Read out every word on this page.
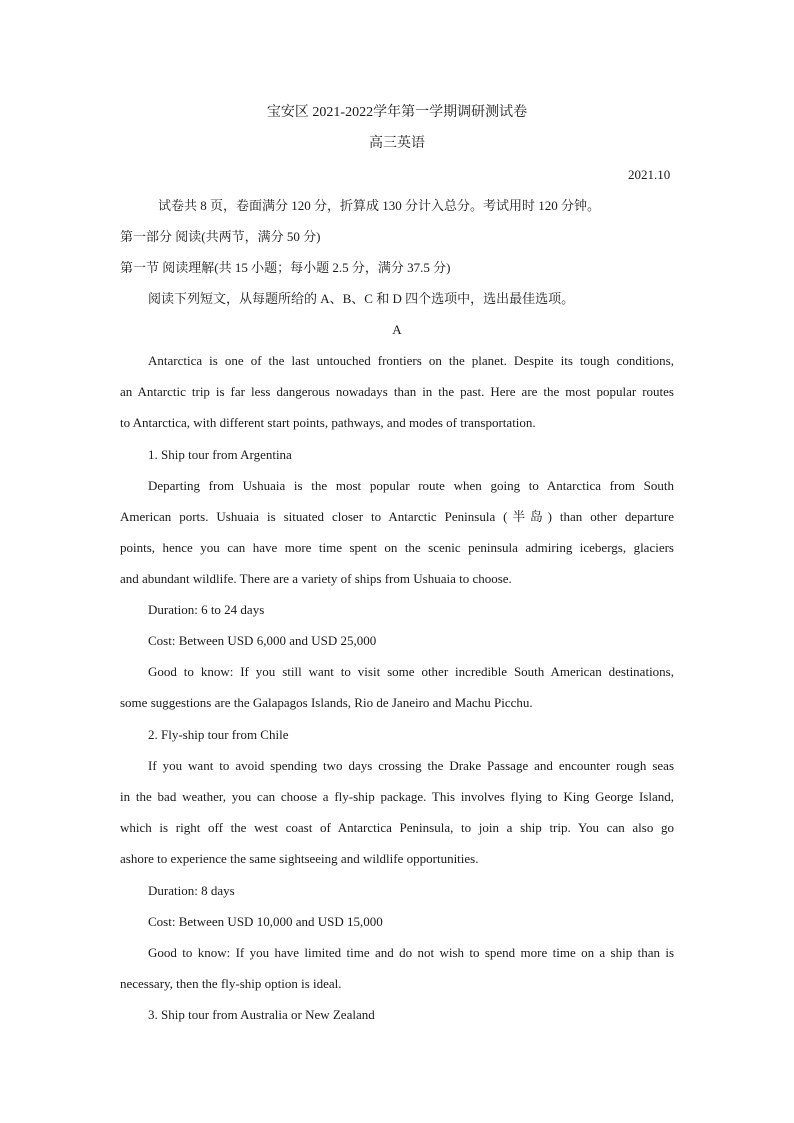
宝安区 2021-2022学年第一学期调研测试卷
高三英语
2021.10
试卷共 8 页，卷面满分 120 分，折算成 130 分计入总分。考试用时 120 分钟。
第一部分 阅读(共两节，满分 50 分)
第一节 阅读理解(共 15 小题；每小题 2.5 分，满分 37.5 分)
阅读下列短文，从每题所给的 A、B、C 和 D 四个选项中，选出最佳选项。
A
Antarctica is one of the last untouched frontiers on the planet. Despite its tough conditions,
an Antarctic trip is far less dangerous nowadays than in the past. Here are the most popular routes
to Antarctica, with different start points, pathways, and modes of transportation.
1. Ship tour from Argentina
Departing from Ushuaia is the most popular route when going to Antarctica from South
American ports. Ushuaia is situated closer to Antarctic Peninsula (半岛) than other departure
points, hence you can have more time spent on the scenic peninsula admiring icebergs, glaciers
and abundant wildlife. There are a variety of ships from Ushuaia to choose.
Duration: 6 to 24 days
Cost: Between USD 6,000 and USD 25,000
Good to know: If you still want to visit some other incredible South American destinations,
some suggestions are the Galapagos Islands, Rio de Janeiro and Machu Picchu.
2. Fly-ship tour from Chile
If you want to avoid spending two days crossing the Drake Passage and encounter rough seas
in the bad weather, you can choose a fly-ship package. This involves flying to King George Island,
which is right off the west coast of Antarctica Peninsula, to join a ship trip. You can also go
ashore to experience the same sightseeing and wildlife opportunities.
Duration: 8 days
Cost: Between USD 10,000 and USD 15,000
Good to know: If you have limited time and do not wish to spend more time on a ship than is
necessary, then the fly-ship option is ideal.
3. Ship tour from Australia or New Zealand
